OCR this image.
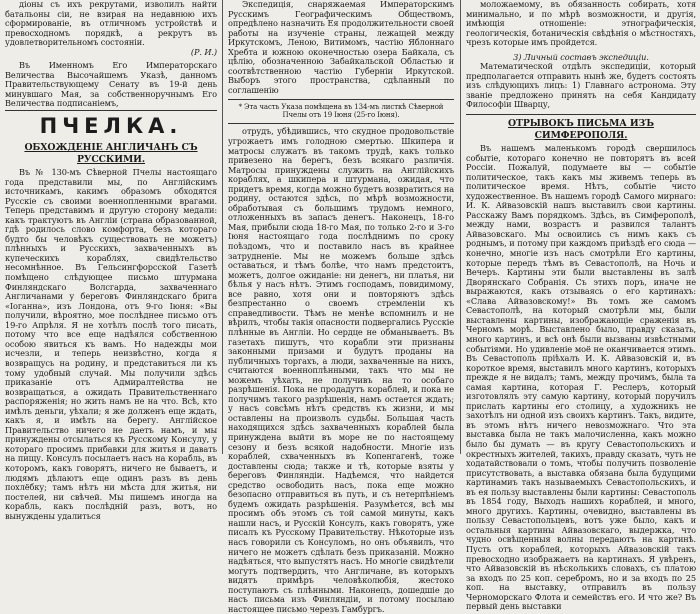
діоны съ ихъ рекрутами, изволилъ найти батальоны сіи, не взирая на недавнюю ихъ сформированіе, въ отличномъ устройствѣ и превосходномъ порядкѣ, а рекрутъ въ удовлетворительномъ состояніи.

(Р. И.)

Въ Именномъ Его Императорскаго Величества Высочайшемъ Указѣ, данномъ Правительствующему Сенату въ 19-й день минувшаго Мая, за собственноручнымъ Его Величества подписаніемъ,

ПЧЕЛКА.
ОБХОЖДЕНІЕ АНГЛИЧАНЪ СЪ РУССКИМИ.

Въ № 130-мъ Сѣверной Пчелы настоящаго года представили мы, по Англійскимъ источникамъ, какимъ образомъ обходятся Русскіе съ своими военнопленными врагами. Теперь представимъ и другую сторону медали: какъ трактуютъ въ Англіи (страна образованной, гдѣ родилось слово комфорта, безъ котораго будто бы человѣкъ существовать не можетъ) плѣнныхъ и Русскихъ, захваченныхъ въ купеческихъ кораблях, свидѣтельство несомнѣнное. Въ Гельсингфорсской Газетѣ помѣщено слѣдующее письмо штурмана Финляндскаго Волсгарда, захваченнаго Англичанами у береговъ Финляндскаго брига «Іоганна», изъ Лондона, отъ 9-го Іюня: «Вы получили, вѣроятно, мое послѣднее письмо отъ 19-го Апрѣля. Я не хотѣлъ послѣ того писать, потому что все еще надѣялся собственною особою явиться къ вамъ. Но надежды мои исчезли, и теперь неизвѣстно, когда я возвращусь на родину, и представиться ли къ тому удобный случай. Мы получили здѣсь приказаніе отъ Адмиралтейства не возвращаться, а ожидать Правительственнаго распоряженія; но жить намъ не на что. Всѣ, кто имѣлъ деньги, уѣхали; я же долженъ еще ждать, какъ я, и имѣть на берегу. Англійское Правительство ничего не даетъ намъ, и мы принуждены отсылаться къ Русскому Консулу, у котораго просимъ прибавки для житья и давать на пищу. Консулъ посылаетъ насъ на корабль, въ которомъ, какъ говорятъ, ничего не бываетъ, и людямъ дѣлаютъ еще одинъ разъ въ день похлёбку; тамъ нѣтъ ни мѣста для житья, ни постелей, ни свѣчей. Мы пишемъ иногда на корабль, какъ послѣдній разъ, вотъ, но вынуждены удалиться

Экспедиція, снаряжаемая Императорскимъ Русскимъ Географическимъ Обществомъ, опредѣлено назначить Ея продолжительности своей работы на изученіе страны, лежащей между Иркутскомъ, Леною, Витимомъ, частію Яблоннаго Хребта и южною оконечностью озера Байкала, съ цѣлію, обозначенною Забайкальской Областью и соотвѣтственною частію Губерніи Иркутской. Выборъ этого пространства, сдѣланный по соглашенію

* Эта часть Указа помѣщена въ 134-мъ листкѣ Сѣверной Пчелы отъ 19 Іюня (25-го Іюня).

отрудъ, убѣдившись, что скудное продовольствіе угрожаетъ имъ голодною смертью. Шкипера и матросы служатъ въ такомъ трудѣ, какъ только привезено на берегъ, безъ всякаго различія. Матросы принуждены служить на Англійскихъ кораблях, а шкипера и штурмана, ожидая, что придетъ время, когда можно будетъ возвратиться на родину, остаются здѣсь, по мѣрѣ возможности, обработывая съ большимъ трудомъ немного, отложенныхъ въ запасъ денегъ. Наконецъ, 18-го Мая, прибыли сюда 18-го Мая, по только 2-го и 3-го Іюня настоящаго года послѣднимъ по сроку поѣздомъ, что и поставило насъ въ крайнее затрудненіе. Мы не можемъ больше здѣсь оставаться, и тѣмъ болѣе, что намъ предстоитъ, можетъ, долгое ожиданіе: ни денегъ, ни платья, ни бѣлья у насъ нѣтъ. Этимъ господамъ, повидимому, все равно, хотя они и повторяютъ здѣсь безпрестанно о своемъ стремленіи къ справедливости. Тѣмъ не менѣе вспомнилъ и не вѣрилъ, чтобы такія опасности подвергались Русскіе плѣнные въ Англіи. Но сердце не обманываетъ. Въ газетахъ пишутъ, что корабли эти признаны законными призами и будутъ проданы на публичныхъ торгахъ, а люди, захваченные на нихъ, считаются военноплѣнными, такъ что мы не можемъ уѣхать, не получивъ на то особаго разрѣшенія. Пока не продадутъ кораблей, и пока не получимъ такого разрѣшенія, намъ остается ждать; у насъ совсѣмъ нѣтъ средствъ къ жизни, и мы оставлены на произволъ судьбы. Большая часть находящихся здѣсь захваченныхъ кораблей была принуждена выйти въ море не по настоящему сезону и безъ всякой надобности. Многіе изъ кораблей, схваченныхъ въ Копенгагенѣ, тоже доставлены сюда; также и тѣ, которые взяты у береговъ Финляндіи. Надѣемся, что найдется средство освободить насъ, пока еще можно безопасно отправиться въ путь, и съ нетерпѣніемъ будемъ ожидать разрѣшенія. Разумѣется, всѣ мы просимъ объ этомъ съ той самой минуты, какъ нашли насъ, и Русскій Консулъ, какъ говорятъ, уже писалъ къ Русскому Правительству. Нѣкоторые изъ насъ говорили съ Консуломъ, но онъ объявилъ, что ничего не можетъ сдѣлать безъ приказаній. Можно надѣяться, что выпустятъ насъ. Но многіе свидѣтели могутъ подтвердить, что Англичане, въ которыхъ видятъ примѣръ человѣколюбія, жестоко поступаютъ съ плѣнными. Наконецъ, дошедшіе до насъ письма изъ Финляндіи, и потому посылаю настоящее письмо черезъ Гамбургъ.

моложаемому, въ обязанность собирать, хотя минимально, и по мѣрѣ возможности, и другія, имѣющія отношеніе: этнографическія, геологическія, ботаническія свѣдѣнія о мѣстностяхъ, чрезъ которые имъ пройдется.

3) Личный составъ экспедиціи.

Математической отдѣлъ экспедиціи, который предполагается отправить нынѣ же, будетъ состоять изъ слѣдующихъ лицъ: 1) Главнаго астронома. Эту званіе предложено принять на себя Кандидату Философіи Шварцу,

ОТРЫВОКЪ ПИСЬМА ИЗЪ СИМФЕРОПОЛЯ.

Въ нашемъ маленькомъ городѣ свершилось событіе, котораго конечно не повторятъ въ всей Россіи. Пожалуй, подумаете вы — событіе политическое, такъ какъ мы живемъ теперь въ политическое время. Нѣтъ, событіе чисто художественное. Въ нашемъ городѣ Самого мирнаго: И. К. Айвазовскій нашъ выставилъ свои картины. Расскажу Вамъ порядкомъ. Здѣсь, въ Симферополѣ, между нами, возрастъ и развился талантъ Айвазовскаго. Мы освоились съ нимъ какъ съ роднымъ, и потому при каждомъ приѣздѣ его сюда — конечно, многіе изъ насъ смотрѣли Его картины, которые передъ тѣмъ въ Севастополѣ, на Ночь и Вечеръ. Картины эти были выставлены въ залѣ Дворянскаго Собранія. Съ этихъ поръ, иначе не выражаются, какъ отзываясь о его картинахъ: «Слава Айвазовскому!» Въ томъ же самомъ Севастополѣ, на который смотрѣли мы, были выставлены картины, изображающіе сраженія въ Черномъ морѣ. Выставлено было, правду сказать, много картинъ, и всѣ онѣ были вызваны извѣстными событіями. Но удивленіе моё не оканчивается этимъ. Въ Севастополь пріѣхалъ И. К. Айвазовскій и, въ короткое время, выставилъ много картинъ, которыхъ прежде я не видалъ; тамъ, между прочимъ, была та самая картина, которая Г. Реслеръ, который изготовлялъ эту самую картину, который поручилъ прислать картины его столицу, а художникъ не захотѣлъ ни одной изъ своихъ картинъ. Такъ, видите, въ этомъ нѣтъ ничего невозможнаго. Что эта выставка была не такъ малочисленна, какъ можно было бы думать — въ кругу Севастопольскихъ и окрестныхъ жителей, такихъ, правду сказать, чуть не ходатайствовали о томъ, чтобы получить позволеніе присутствовать, а выставка обязана была будущими картинамиъ такъ называемыхъ Севастопольскихъ, и въ ея пользу выставлены были картины: Севастополь въ 1854 году, Выходъ нашихъ кораблей, и много, много другихъ. Картины, очевидно, выставлены въ пользу Севастопольцевъ, вотъ уже было, какъ и остальныя картины Айвазовскаго, выдержка, что чудно освѣщенныя волны передаютъ на картинѣ. Пусть отъ кораблей, которыхъ Айвазовскій такъ превосходно изображаетъ на картинахъ. Я увѣренъ, что Айвазовскій въ нѣсколькихъ словахъ, съ платою за входъ по 25 коп. серебромъ, но и за входъ по 25 коп. на выставку, отправилъ въ пользу Черноморскаго Флота и семействъ его. И что же? Въ первый день выставки
